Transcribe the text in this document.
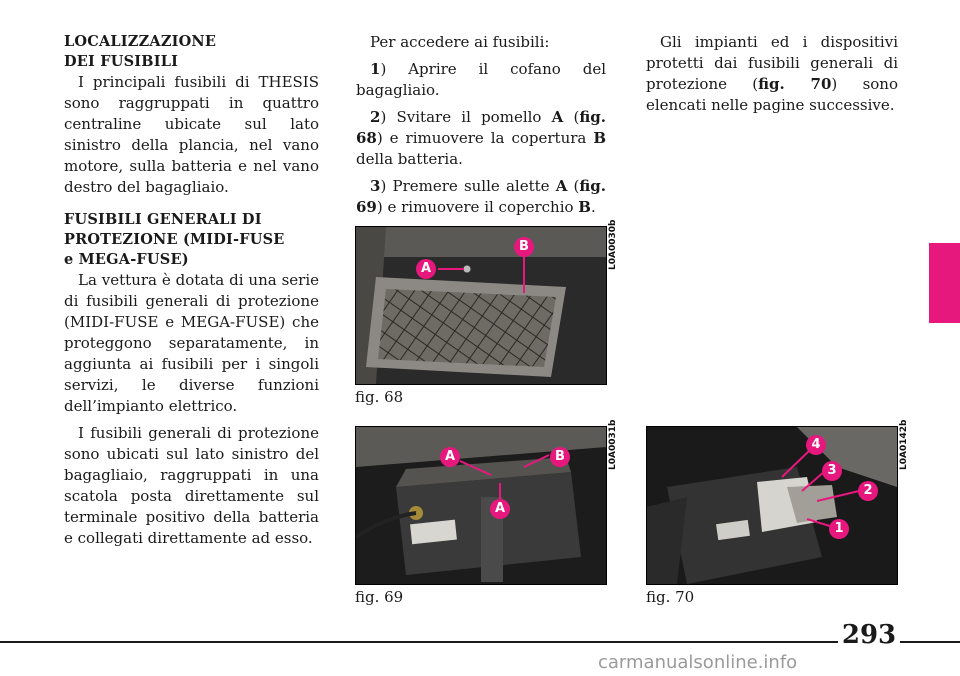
LOCALIZZAZIONE
DEI FUSIBILI

I principali fusibili di THESIS sono raggruppati in quattro centraline ubicate sul lato sinistro della plancia, nel vano motore, sulla batteria e nel vano destro del bagagliaio.

FUSIBILI GENERALI DI
PROTEZIONE (MIDI-FUSE
e MEGA-FUSE)

La vettura è dotata di una serie di fusibili generali di protezione (MIDI-FUSE e MEGA-FUSE) che proteggono separatamente, in aggiunta ai fusibili per i singoli servizi, le diverse funzioni dell’impianto elettrico.

I fusibili generali di protezione sono ubicati sul lato sinistro del bagagliaio, raggruppati in una scatola posta direttamente sul terminale positivo della batteria e collegati direttamente ad esso.

Per accedere ai fusibili:

1) Aprire il cofano del bagagliaio.

2) Svitare il pomello A (fig. 68) e rimuovere la copertura B della batteria.

3) Premere sulle alette A (fig. 69) e rimuovere il coperchio B.

Gli impianti ed i dispositivi protetti dai fusibili generali di protezione (fig. 70) sono elencati nelle pagine successive.

A
B	L0A0030b
fig. 68
A	B
A
L0A0031b
fig. 69
4
3
2
1
L0A0142b
fig. 70
293
carmanualsonline.info
